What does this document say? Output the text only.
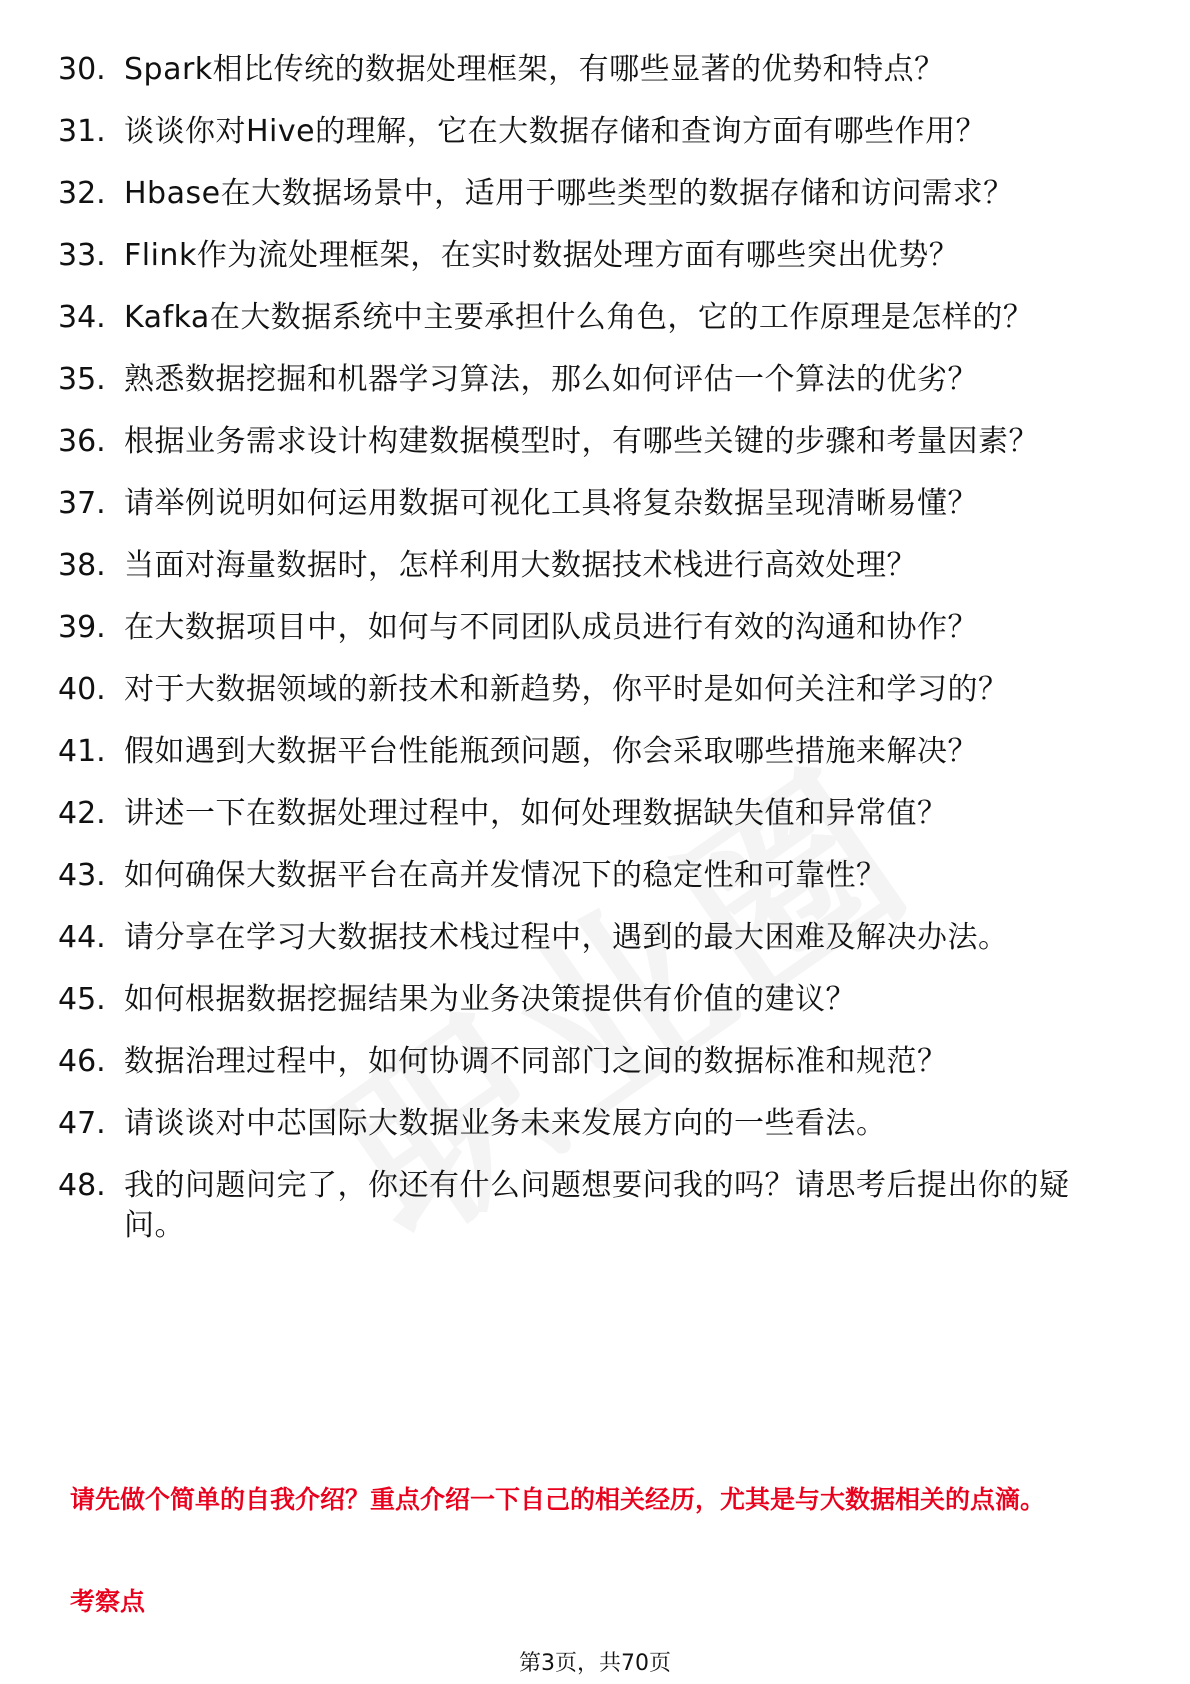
30. Spark相比传统的数据处理框架，有哪些显著的优势和特点？
31. 谈谈你对Hive的理解，它在大数据存储和查询方面有哪些作用？
32. Hbase在大数据场景中，适用于哪些类型的数据存储和访问需求？
33. Flink作为流处理框架，在实时数据处理方面有哪些突出优势？
34. Kafka在大数据系统中主要承担什么角色，它的工作原理是怎样的？
35. 熟悉数据挖掘和机器学习算法，那么如何评估一个算法的优劣？
36. 根据业务需求设计构建数据模型时，有哪些关键的步骤和考量因素？
37. 请举例说明如何运用数据可视化工具将复杂数据呈现清晰易懂？
38. 当面对海量数据时，怎样利用大数据技术栈进行高效处理？
39. 在大数据项目中，如何与不同团队成员进行有效的沟通和协作？
40. 对于大数据领域的新技术和新趋势，你平时是如何关注和学习的？
41. 假如遇到大数据平台性能瓶颈问题，你会采取哪些措施来解决？
42. 讲述一下在数据处理过程中，如何处理数据缺失值和异常值？
43. 如何确保大数据平台在高并发情况下的稳定性和可靠性？
44. 请分享在学习大数据技术栈过程中，遇到的最大困难及解决办法。
45. 如何根据数据挖掘结果为业务决策提供有价值的建议？
46. 数据治理过程中，如何协调不同部门之间的数据标准和规范？
47. 请谈谈对中芯国际大数据业务未来发展方向的一些看法。
48. 我的问题问完了，你还有什么问题想要问我的吗？请思考后提出你的疑问。

请先做个简单的自我介绍？重点介绍一下自己的相关经历，尤其是与大数据相关的点滴。

考察点

第3页，共70页
